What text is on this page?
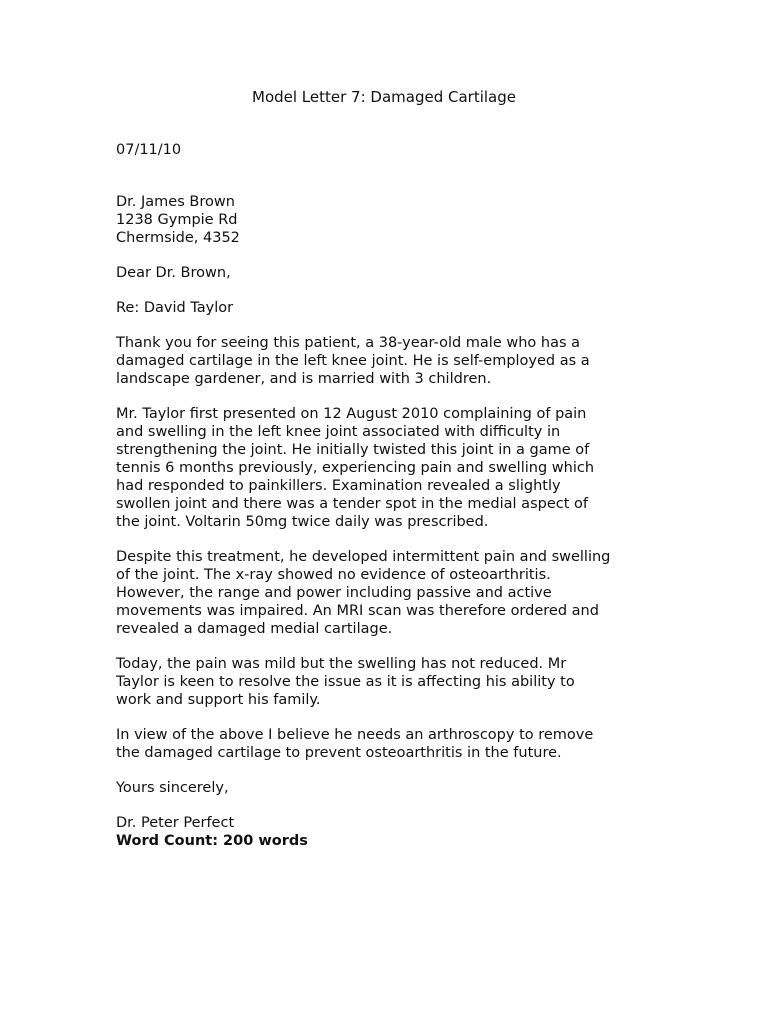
Model Letter 7: Damaged Cartilage
07/11/10
Dr. James Brown
1238 Gympie Rd
Chermside, 4352
Dear Dr. Brown,
Re: David Taylor
Thank you for seeing this patient, a 38-year-old male who has a
damaged cartilage in the left knee joint. He is self-employed as a
landscape gardener, and is married with 3 children.
Mr. Taylor first presented on 12 August 2010 complaining of pain
and swelling in the left knee joint associated with difficulty in
strengthening the joint. He initially twisted this joint in a game of
tennis 6 months previously, experiencing pain and swelling which
had responded to painkillers. Examination revealed a slightly
swollen joint and there was a tender spot in the medial aspect of
the joint. Voltarin 50mg twice daily was prescribed.
Despite this treatment, he developed intermittent pain and swelling
of the joint. The x-ray showed no evidence of osteoarthritis.
However, the range and power including passive and active
movements was impaired. An MRI scan was therefore ordered and
revealed a damaged medial cartilage.
Today, the pain was mild but the swelling has not reduced. Mr
Taylor is keen to resolve the issue as it is affecting his ability to
work and support his family.
In view of the above I believe he needs an arthroscopy to remove
the damaged cartilage to prevent osteoarthritis in the future.
Yours sincerely,
Dr. Peter Perfect
Word Count: 200 words
